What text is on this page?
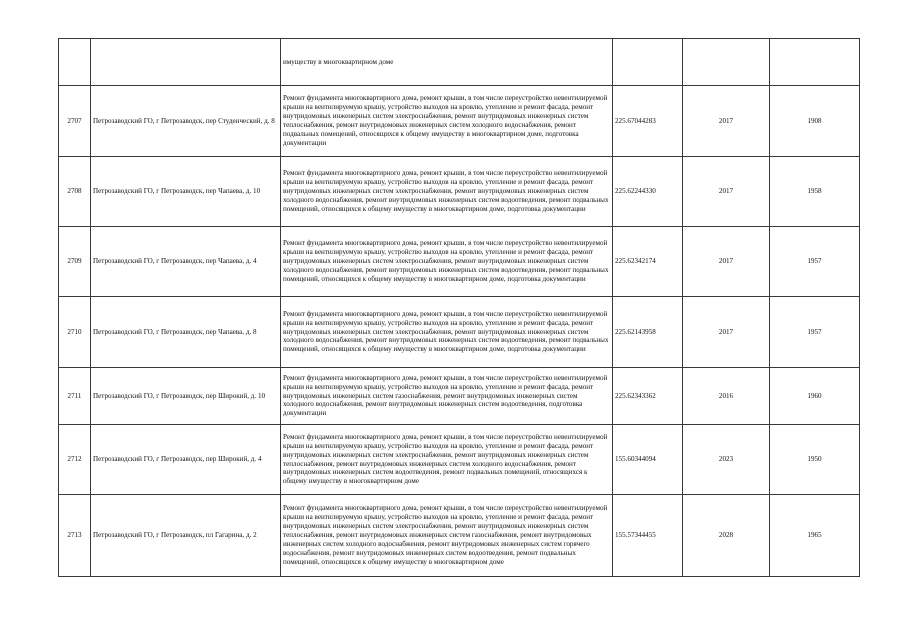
		имуществу в многоквартирном доме			
2707	Петрозаводский ГО, г Петрозаводск, пер Студенческий, д. 8	Ремонт фундамента многоквартирного дома, ремонт крыши, в том числе переустройство невентилируемой крыши на вентилируемую крышу, устройство выходов на кровлю, утепление и ремонт фасада, ремонт внутридомовых инженерных систем электроснабжения, ремонт внутридомовых инженерных систем теплоснабжения, ремонт внутридомовых инженерных систем холодного водоснабжения, ремонт подвальных помещений, относящихся к общему имуществу в многоквартирном доме, подготовка документации	225.67044283	2017	1908
2708	Петрозаводский ГО, г Петрозаводск, пер Чапаева, д. 10	Ремонт фундамента многоквартирного дома, ремонт крыши, в том числе переустройство невентилируемой крыши на вентилируемую крышу, устройство выходов на кровлю, утепление и ремонт фасада, ремонт внутридомовых инженерных систем электроснабжения, ремонт внутридомовых инженерных систем холодного водоснабжения, ремонт внутридомовых инженерных систем водоотведения, ремонт подвальных помещений, относящихся к общему имуществу в многоквартирном доме, подготовка документации	225.62244330	2017	1958
2709	Петрозаводский ГО, г Петрозаводск, пер Чапаева, д. 4	Ремонт фундамента многоквартирного дома, ремонт крыши, в том числе переустройство невентилируемой крыши на вентилируемую крышу, устройство выходов на кровлю, утепление и ремонт фасада, ремонт внутридомовых инженерных систем электроснабжения, ремонт внутридомовых инженерных систем холодного водоснабжения, ремонт внутридомовых инженерных систем водоотведения, ремонт подвальных помещений, относящихся к общему имуществу в многоквартирном доме, подготовка документации	225.62342174	2017	1957
2710	Петрозаводский ГО, г Петрозаводск, пер Чапаева, д. 8	Ремонт фундамента многоквартирного дома, ремонт крыши, в том числе переустройство невентилируемой крыши на вентилируемую крышу, устройство выходов на кровлю, утепление и ремонт фасада, ремонт внутридомовых инженерных систем электроснабжения, ремонт внутридомовых инженерных систем холодного водоснабжения, ремонт внутридомовых инженерных систем водоотведения, ремонт подвальных помещений, относящихся к общему имуществу в многоквартирном доме, подготовка документации	225.62143958	2017	1957
2711	Петрозаводский ГО, г Петрозаводск, пер Широкий, д. 10	Ремонт фундамента многоквартирного дома, ремонт крыши, в том числе переустройство невентилируемой крыши на вентилируемую крышу, устройство выходов на кровлю, утепление и ремонт фасада, ремонт внутридомовых инженерных систем газоснабжения, ремонт внутридомовых инженерных систем холодного водоснабжения, ремонт внутридомовых инженерных систем водоотведения, подготовка документации	225.62343362	2016	1960
2712	Петрозаводский ГО, г Петрозаводск, пер Широкий, д. 4	Ремонт фундамента многоквартирного дома, ремонт крыши, в том числе переустройство невентилируемой крыши на вентилируемую крышу, устройство выходов на кровлю, утепление и ремонт фасада, ремонт внутридомовых инженерных систем электроснабжения, ремонт внутридомовых инженерных систем теплоснабжения, ремонт внутридомовых инженерных систем холодного водоснабжения, ремонт внутридомовых инженерных систем водоотведения, ремонт подвальных помещений, относящихся к общему имуществу в многоквартирном доме	155.60344094	2023	1950
2713	Петрозаводский ГО, г Петрозаводск, пл Гагарина, д. 2	Ремонт фундамента многоквартирного дома, ремонт крыши, в том числе переустройство невентилируемой крыши на вентилируемую крышу, устройство выходов на кровлю, утепление и ремонт фасада, ремонт внутридомовых инженерных систем электроснабжения, ремонт внутридомовых инженерных систем теплоснабжения, ремонт внутридомовых инженерных систем газоснабжения, ремонт внутридомовых инженерных систем холодного водоснабжения, ремонт внутридомовых инженерных систем горячего водоснабжения, ремонт внутридомовых инженерных систем водоотведения, ремонт подвальных помещений, относящихся к общему имуществу в многоквартирном доме	155.57344455	2028	1965
